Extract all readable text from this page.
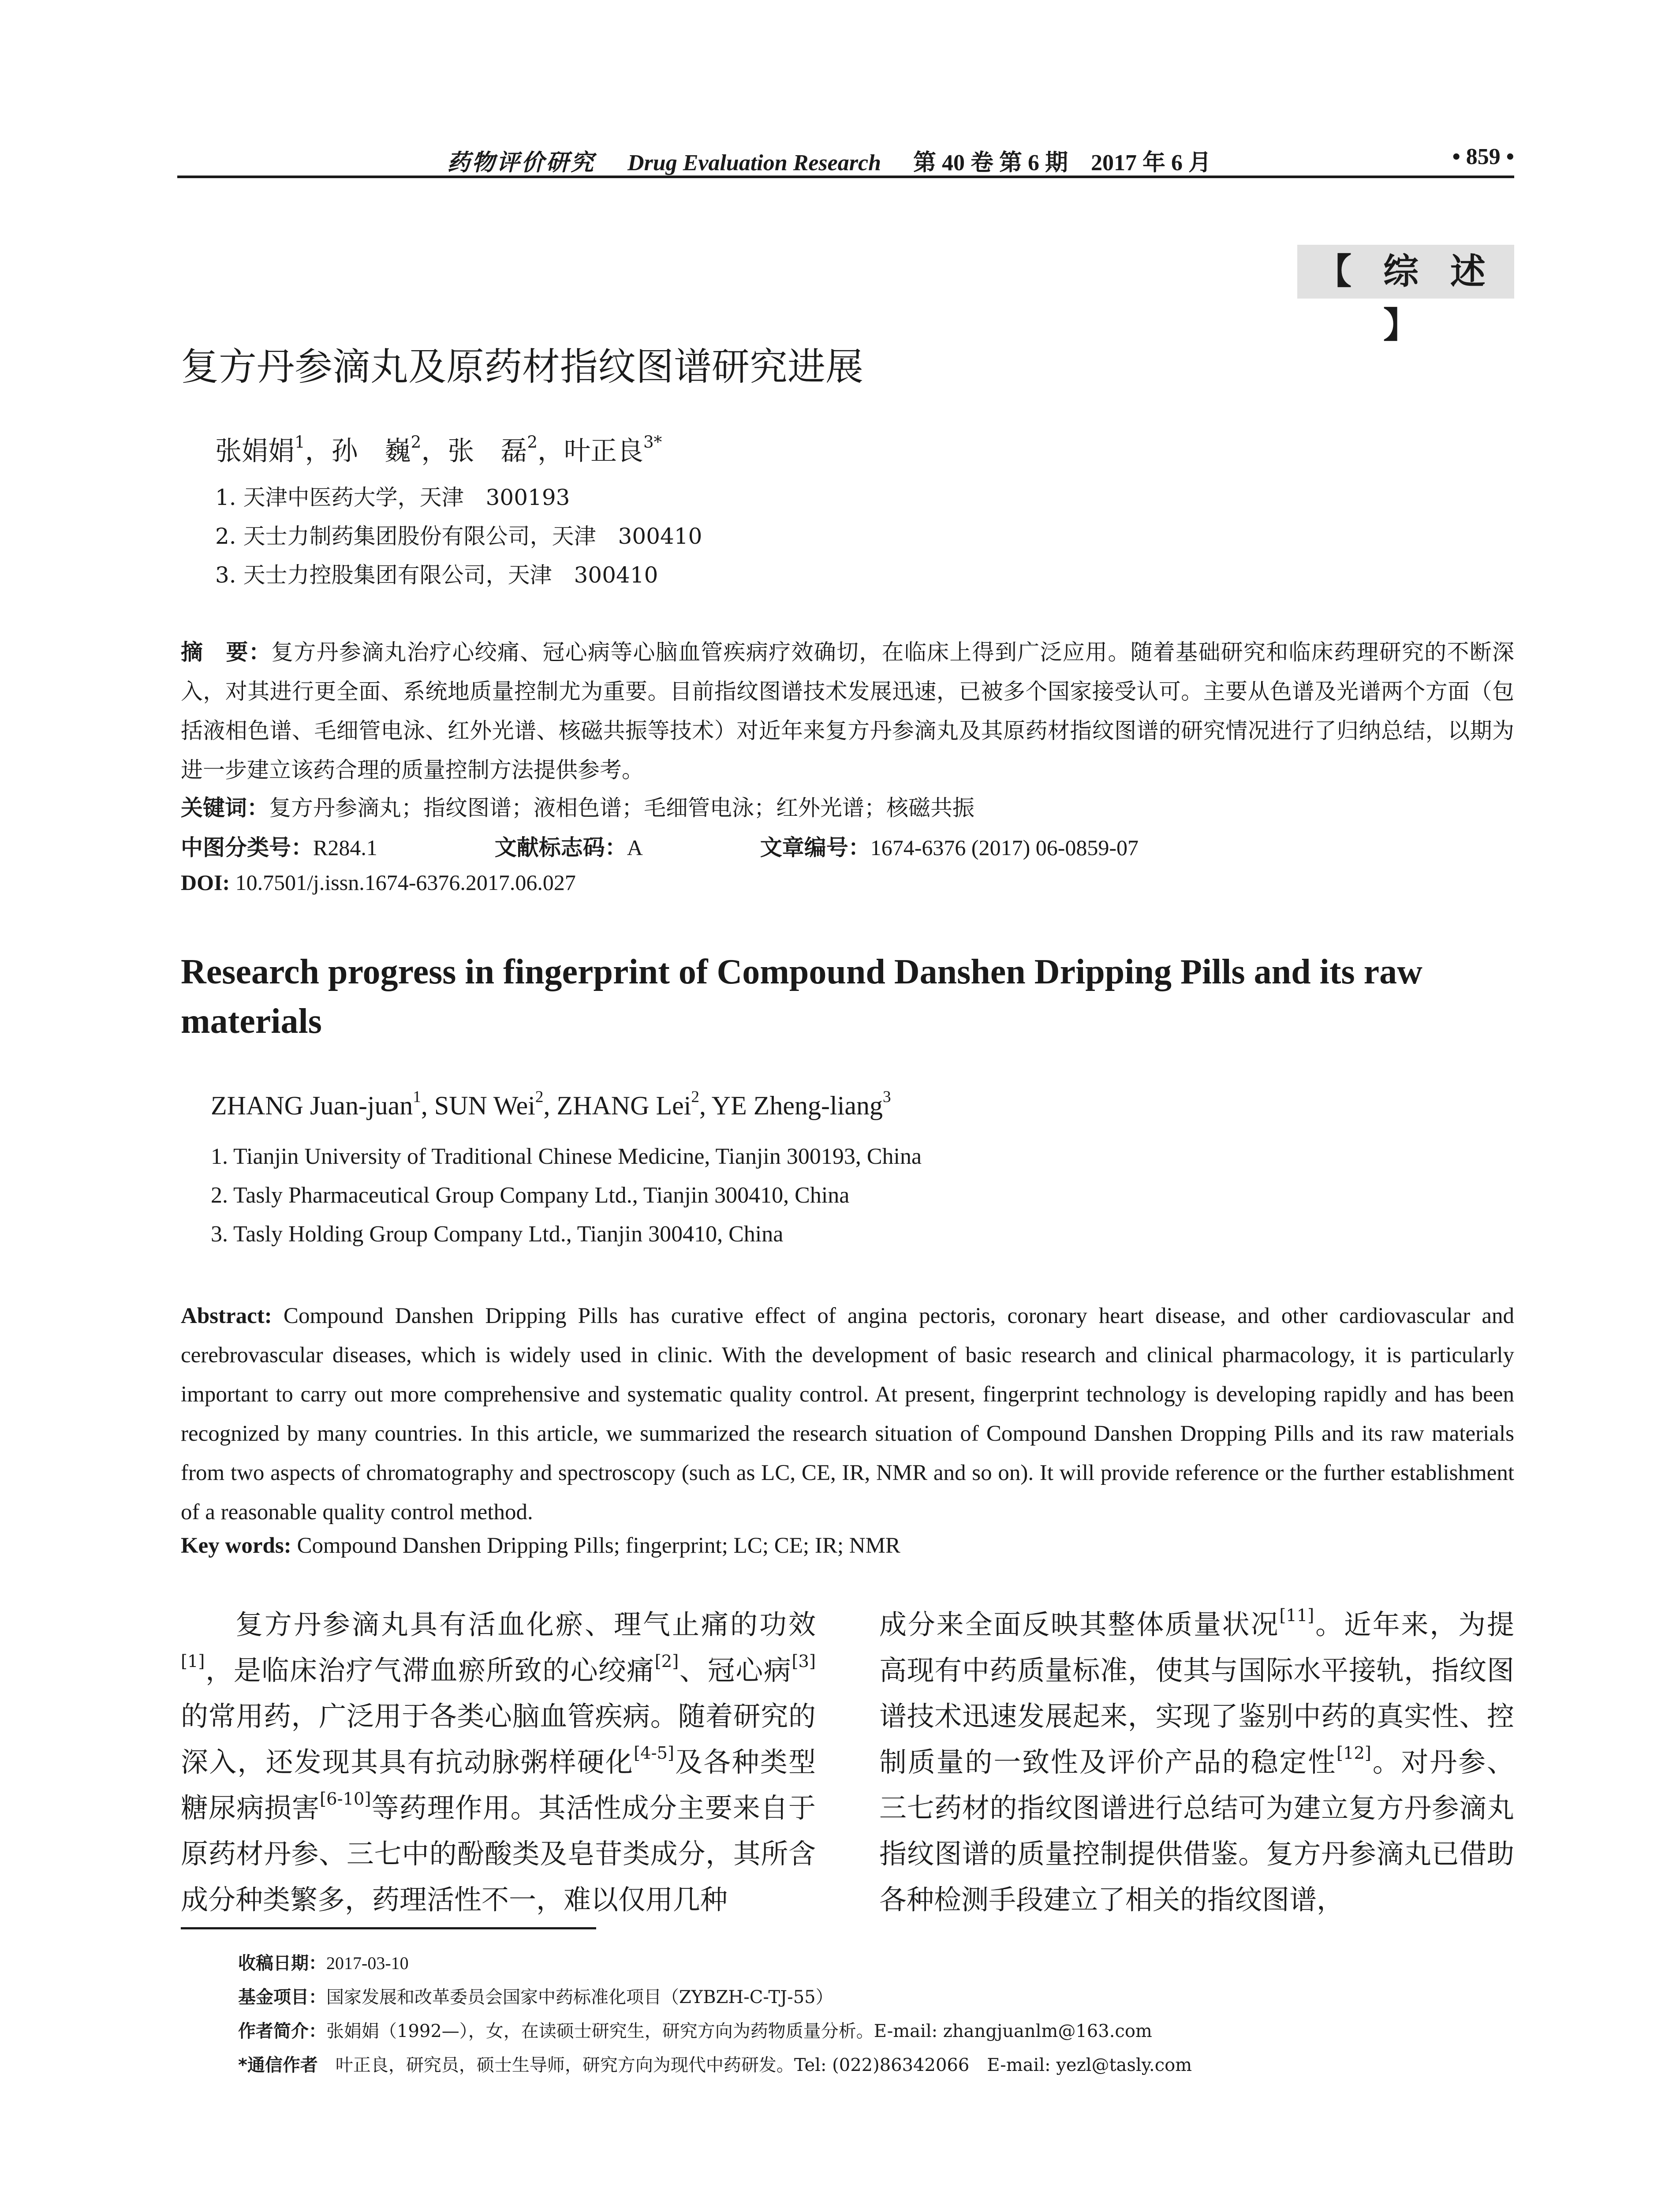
药物评价研究 Drug Evaluation Research 第 40 卷 第 6 期　2017 年 6 月	• 859 •
【 综 述 】
复方丹参滴丸及原药材指纹图谱研究进展
张娟娟$^1$，孙　巍$^2$，张　磊$^2$，叶正良$^{3*}$
1. 天津中医药大学，天津　300193
2. 天士力制药集团股份有限公司，天津　300410
3. 天士力控股集团有限公司，天津　300410
摘　要：复方丹参滴丸治疗心绞痛、冠心病等心脑血管疾病疗效确切，在临床上得到广泛应用。随着基础研究和临床药理研究的不断深入，对其进行更全面、系统地质量控制尤为重要。目前指纹图谱技术发展迅速，已被多个国家接受认可。主要从色谱及光谱两个方面（包括液相色谱、毛细管电泳、红外光谱、核磁共振等技术）对近年来复方丹参滴丸及其原药材指纹图谱的研究情况进行了归纳总结，以期为进一步建立该药合理的质量控制方法提供参考。
关键词：复方丹参滴丸；指纹图谱；液相色谱；毛细管电泳；红外光谱；核磁共振
中图分类号：R284.1	文献标志码：A	文章编号：1674-6376 (2017) 06-0859-07
DOI: 10.7501/j.issn.1674-6376.2017.06.027
Research progress in fingerprint of Compound Danshen Dripping Pills and its raw materials
ZHANG Juan-juan$^1$, SUN Wei$^2$, ZHANG Lei$^2$, YE Zheng-liang$^3$
1. Tianjin University of Traditional Chinese Medicine, Tianjin 300193, China
2. Tasly Pharmaceutical Group Company Ltd., Tianjin 300410, China
3. Tasly Holding Group Company Ltd., Tianjin 300410, China
Abstract: Compound Danshen Dripping Pills has curative effect of angina pectoris, coronary heart disease, and other cardiovascular and cerebrovascular diseases, which is widely used in clinic. With the development of basic research and clinical pharmacology, it is particularly important to carry out more comprehensive and systematic quality control. At present, fingerprint technology is developing rapidly and has been recognized by many countries. In this article, we summarized the research situation of Compound Danshen Dropping Pills and its raw materials from two aspects of chromatography and spectroscopy (such as LC, CE, IR, NMR and so on). It will provide reference or the further establishment of a reasonable quality control method.
Key words: Compound Danshen Dripping Pills; fingerprint; LC; CE; IR; NMR
复方丹参滴丸具有活血化瘀、理气止痛的功效[1]，是临床治疗气滞血瘀所致的心绞痛[2]、冠心病[3]的常用药，广泛用于各类心脑血管疾病。随着研究的深入，还发现其具有抗动脉粥样硬化[4-5]及各种类型糖尿病损害[6-10]等药理作用。其活性成分主要来自于原药材丹参、三七中的酚酸类及皂苷类成分，其所含成分种类繁多，药理活性不一，难以仅用几种
成分来全面反映其整体质量状况[11]。近年来，为提高现有中药质量标准，使其与国际水平接轨，指纹图谱技术迅速发展起来，实现了鉴别中药的真实性、控制质量的一致性及评价产品的稳定性[12]。对丹参、三七药材的指纹图谱进行总结可为建立复方丹参滴丸指纹图谱的质量控制提供借鉴。复方丹参滴丸已借助各种检测手段建立了相关的指纹图谱，
收稿日期：2017-03-10
基金项目：国家发展和改革委员会国家中药标准化项目（ZYBZH-C-TJ-55）
作者简介：张娟娟（1992—），女，在读硕士研究生，研究方向为药物质量分析。E-mail: zhangjuanlm@163.com
*通信作者　叶正良，研究员，硕士生导师，研究方向为现代中药研发。Tel: (022)86342066　E-mail: yezl@tasly.com
